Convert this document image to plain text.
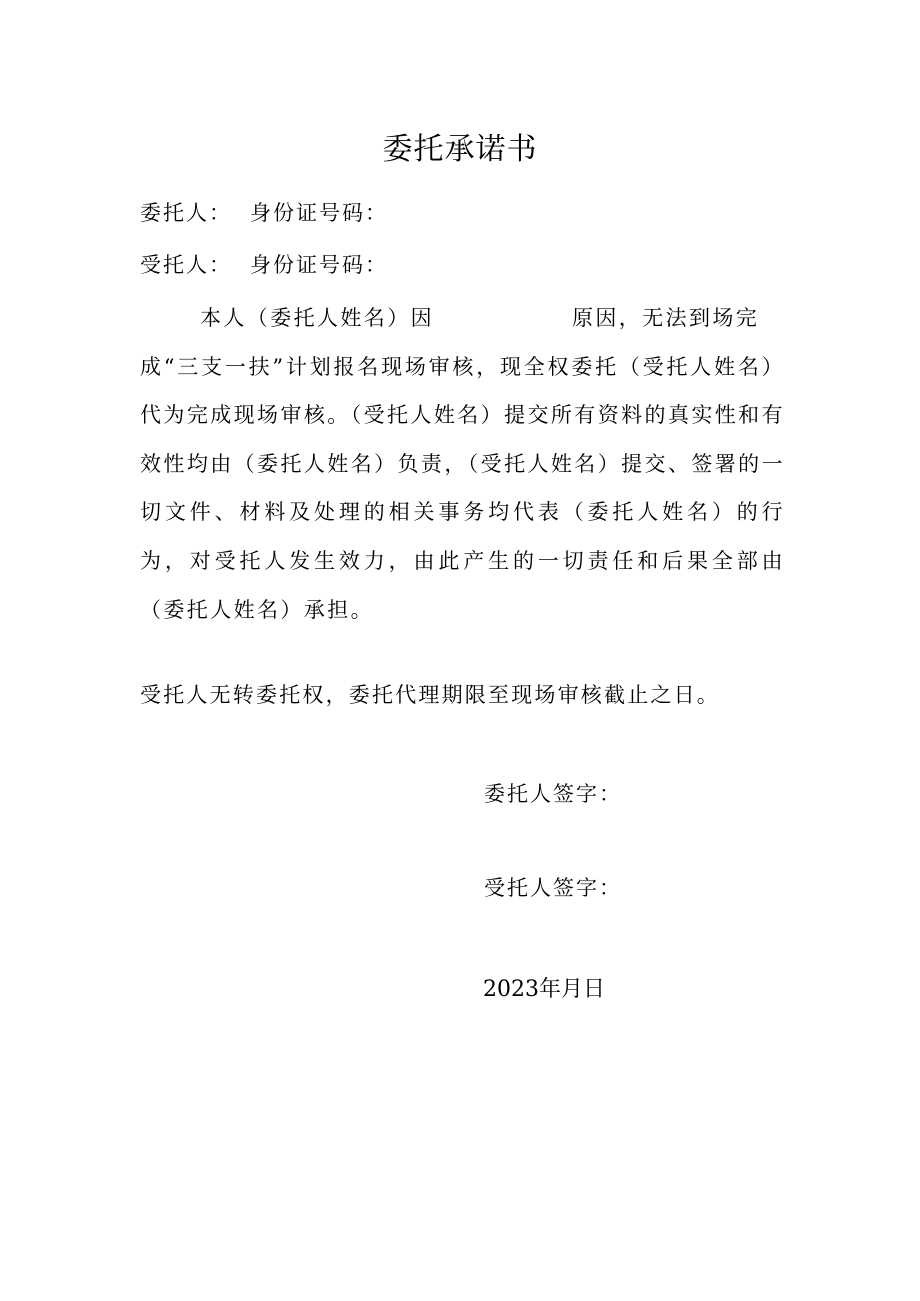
委托承诺书
委托人： 身份证号码：
受托人： 身份证号码：
本人（委托人姓名）因	原因，无法到场完
成“三支一扶”计划报名现场审核，现全权委托（受托人姓名）代为完成现场审核。（受托人姓名）提交所有资料的真实性和有效性均由（委托人姓名）负责，（受托人姓名）提交、签署的一切文件、材料及处理的相关事务均代表（委托人姓名）的行为，对受托人发生效力，由此产生的一切责任和后果全部由（委托人姓名）承担。
受托人无转委托权，委托代理期限至现场审核截止之日。
委托人签字：
受托人签字：
2023年月日
